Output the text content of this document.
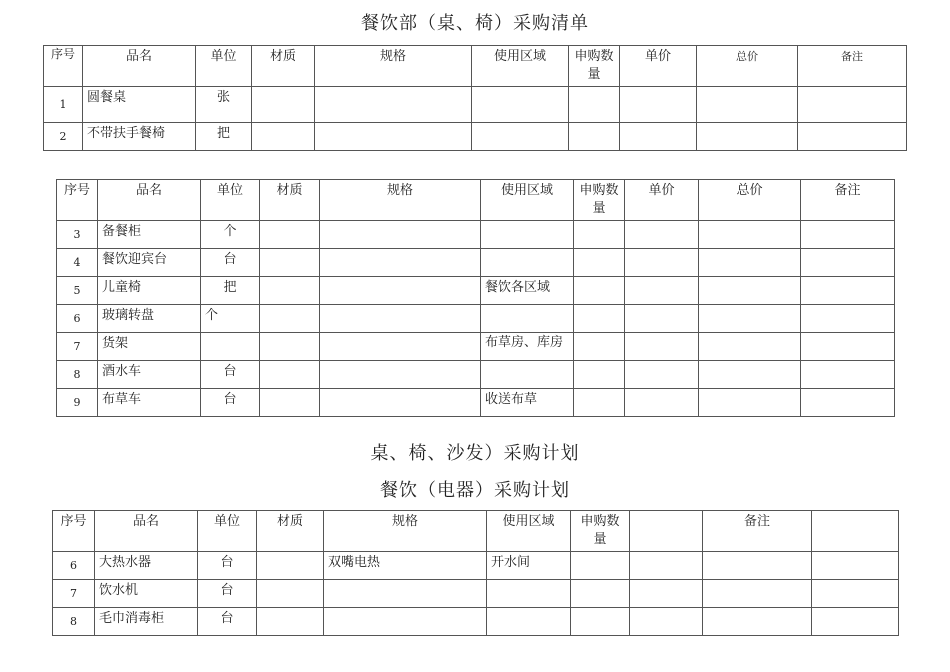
餐饮部（桌、椅）采购清单
序号	品名	单位	材质	规格	使用区域	申购数量	单价	总价	备注
1	圆餐桌	张							
2	不带扶手餐椅	把							
序号	品名	单位	材质	规格	使用区域	申购数量	单价	总价	备注
3	备餐柜	个							
4	餐饮迎宾台	台							
5	儿童椅	把			餐饮各区域				
6	玻璃转盘	个							
7	货架				布草房、库房				
8	酒水车	台							
9	布草车	台			收送布草				
桌、椅、沙发）采购计划
餐饮（电器）采购计划
序号	品名	单位	材质	规格	使用区域	申购数量		备注	
6	大热水器	台		双嘴电热	开水间				
7	饮水机	台							
8	毛巾消毒柜	台							
